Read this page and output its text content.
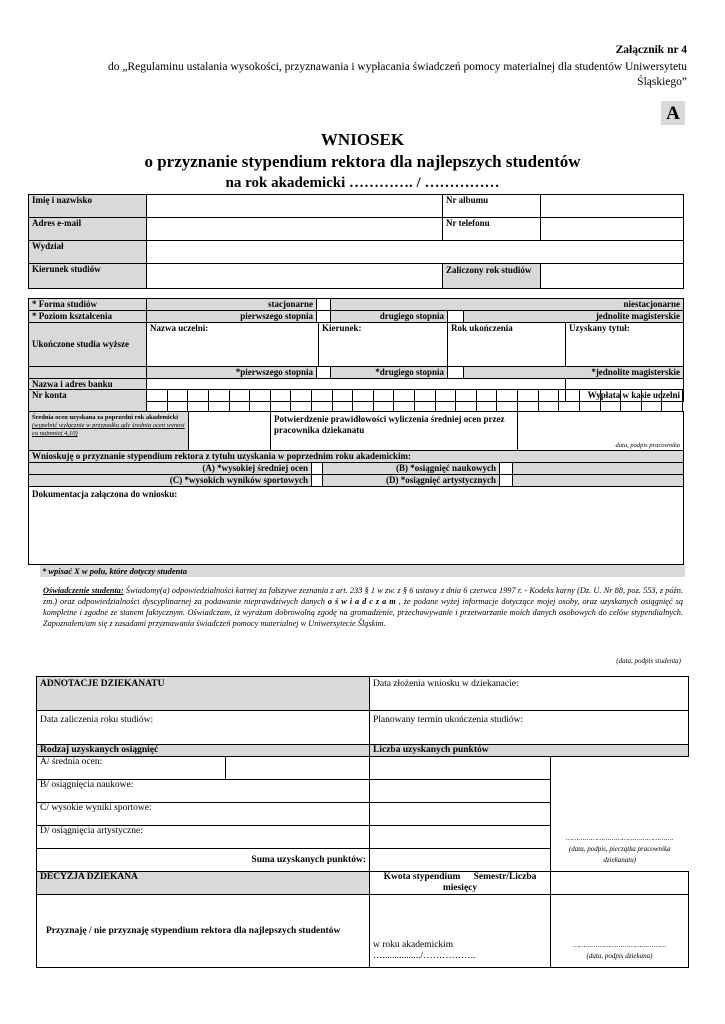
Załącznik nr 4
do „Regulaminu ustalania wysokości, przyznawania i wypłacania świadczeń pomocy materialnej dla studentów Uniwersytetu Śląskiego”
A
WNIOSEK
o przyznanie stypendium rektora dla najlepszych studentów
na rok akademicki …………. / ……………
Imię i nazwisko		Nr albumu	
Adres e-mail		Nr telefonu	
Wydział			
Kierunek studiów		Zaliczony rok studiów	
* Forma studiów	stacjonarne			niestacjonarne			
* Poziom kształcenia	pierwszego stopnia			drugiego stopnia		jednolite magisterskie	
Ukończone studia wyższe	Nazwa uczelni:		Kierunek:		Rok ukończenia		Uzyskany tytuł:
	*pierwszego stopnia			*drugiego stopnia		*jednolite magisterskie	
Nazwa i adres banku							Wypłata w kasie uczelni
Nr konta																										
Średnia ocen uzyskana za poprzedni rok akademicki
(wypełnić wyłącznie w przypadku gdy średnia ocen wynosi co najmniej 4,10)
		Potwierdzenie prawidłowości wyliczenia średniej ocen przez pracownika dziekanatu	data, podpis pracownika
Wnioskuję o przyznanie stypendium rektora z tytułu uzyskania w poprzednim roku akademickim:				
(A) *wysokiej średniej ocen		(B) *osiągnięć naukowych		
(C) *wysokich wyników sportowych		(D) *osiągnięć artystycznych		
Dokumentacja załączona do wniosku:				
* wpisać X w polu, które dotyczy studenta
Oświadczenie studenta: Świadomy(a) odpowiedzialności karnej za fałszywe zeznania z art. 233 § 1 w zw. z § 6 ustawy z dnia 6 czerwca 1997 r. - Kodeks karny (Dz. U. Nr 88, poz. 553, z późn. zm.) oraz odpowiedzialności dyscyplinarnej za podawanie nieprawdziwych danych o ś w i a d c z a m , że podane wyżej informacje dotyczące mojej osoby, oraz uzyskanych osiągnięć są kompletne i zgodne ze stanem faktycznym. Oświadczam, iż wyrażam dobrowolną zgodę na gromadzenie, przechowywanie i przetwarzanie moich danych osobowych do celów stypendialnych. Zapoznałem/am się z zasadami przyznawania świadczeń pomocy materialnej w Uniwersytecie Śląskim.
(data, podpis studenta)
ADNOTACJE DZIEKANATU		Data złożenia wniosku w dziekanacie:	
Data zaliczenia roku studiów:		Planowany termin ukończenia studiów:	
Rodzaj uzyskanych osiągnięć		Liczba uzyskanych punktów	
A/ średnia ocen:			…………………………………………….
(data, podpis, pieczątka pracownika dziekanatu)

B/ osiągnięcia naukowe:			
C/ wysokie wyniki sportowe:			
D/ osiągnięcia artystyczne:			
Suma uzyskanych punktów:			
DECYZJA DZIEKANA		Kwota stypendium Semestr/Liczba miesięcy	
Przyznaję / nie przyznaję stypendium rektora dla najlepszych studentów		w roku akademickim …................/……………..	………………………………………
(data, podpis dziekana)
